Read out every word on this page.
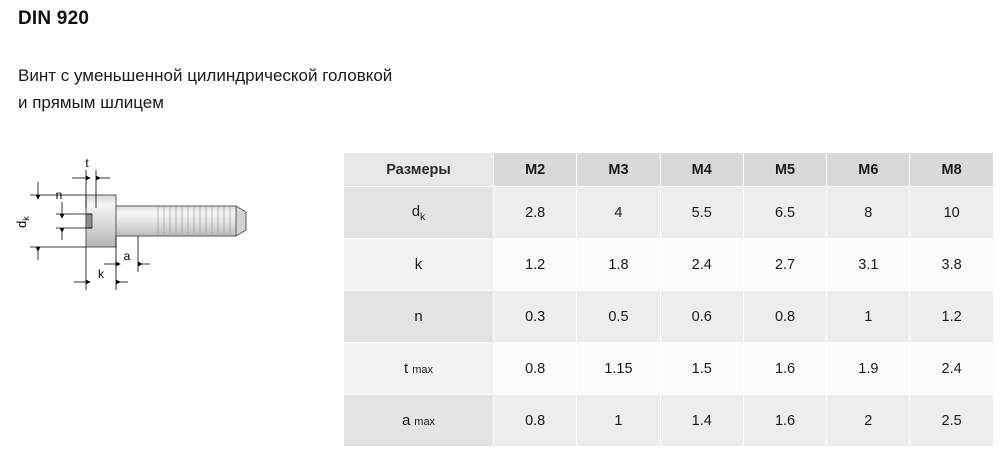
DIN 920
Винт с уменьшенной цилиндрической головкой
и прямым шлицем
t
n
$d_k$
a
k
Размеры	M2	M3	M4	M5	M6	M8
$d_k$	2.8	4	5.5	6.5	8	10
k	1.2	1.8	2.4	2.7	3.1	3.8
n	0.3	0.5	0.6	0.8	1	1.2
t max	0.8	1.15	1.5	1.6	1.9	2.4
a max	0.8	1	1.4	1.6	2	2.5
